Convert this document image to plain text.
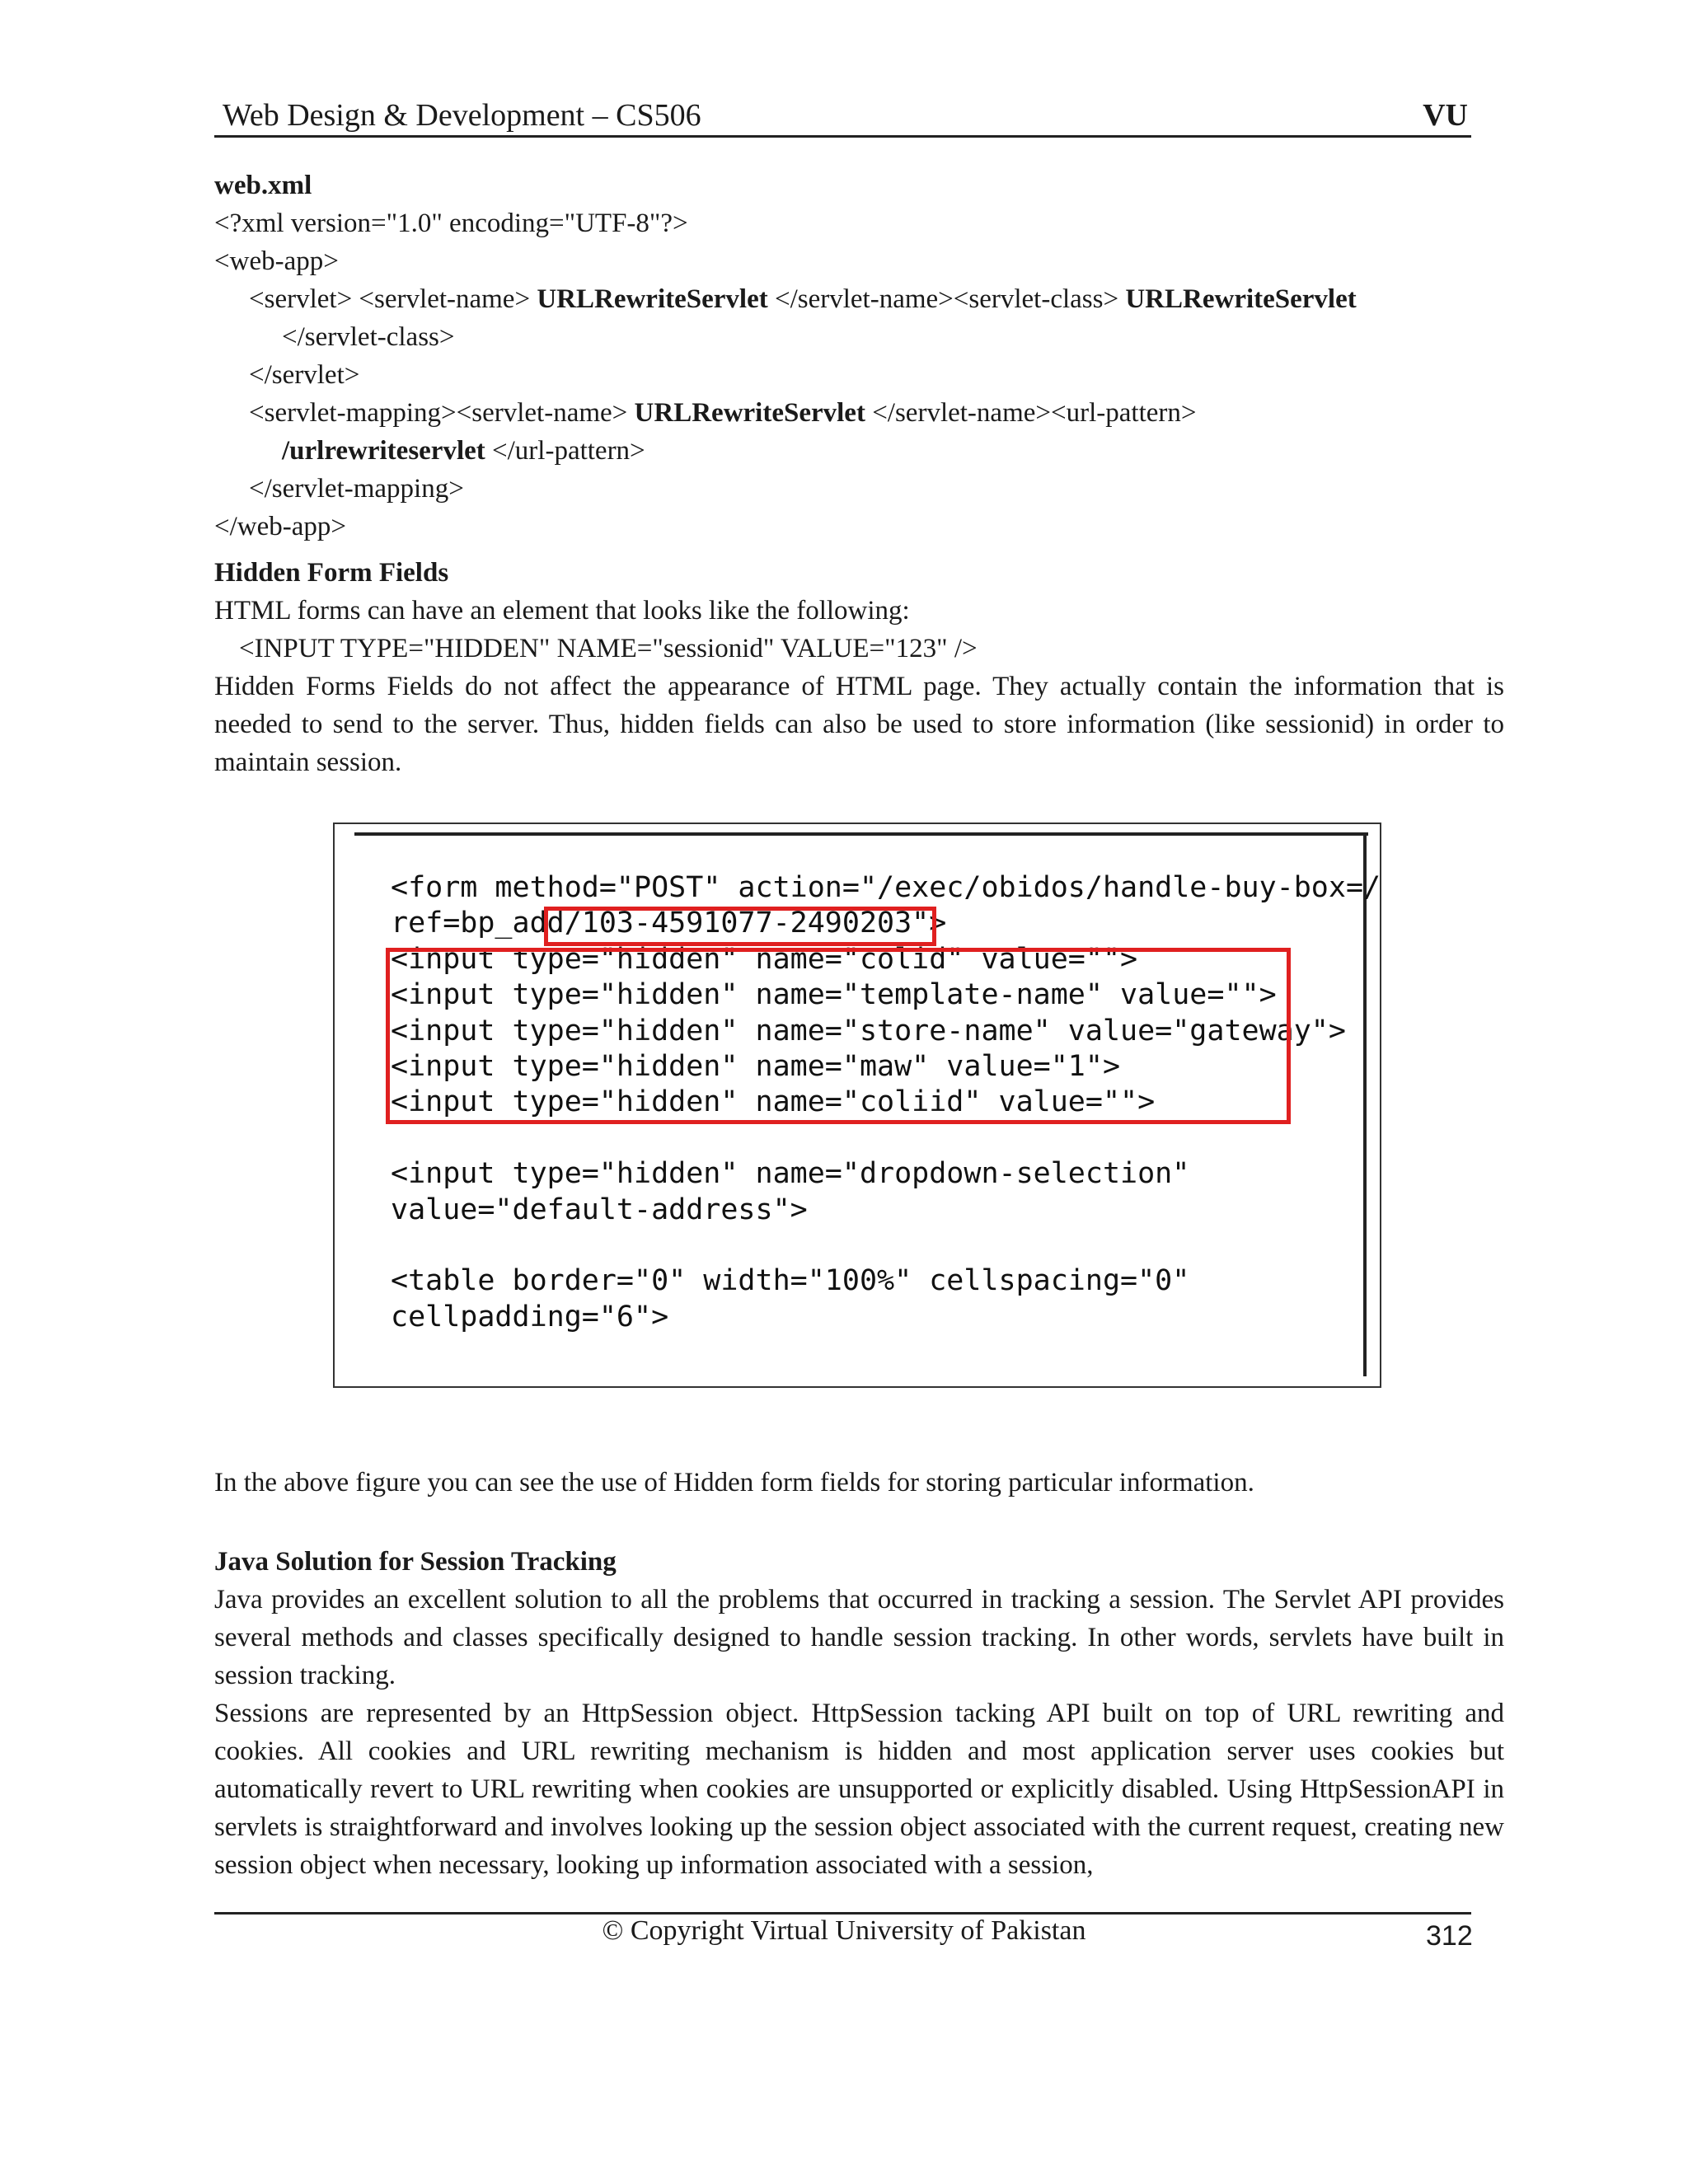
Web Design & Development – CS506	VU
web.xml
<?xml version="1.0" encoding="UTF-8"?>
<web-app>
<servlet> <servlet-name> URLRewriteServlet </servlet-name><servlet-class> URLRewriteServlet
</servlet-class>
</servlet>
<servlet-mapping><servlet-name> URLRewriteServlet </servlet-name><url-pattern>
/urlrewriteservlet </url-pattern>
</servlet-mapping>
</web-app>
Hidden Form Fields
HTML forms can have an element that looks like the following:
<INPUT TYPE="HIDDEN" NAME="sessionid" VALUE="123" />
Hidden Forms Fields do not affect the appearance of HTML page. They actually contain the information that is needed to send to the server. Thus, hidden fields can also be used to store information (like sessionid) in order to maintain session.
<form method="POST" action="/exec/obidos/handle-buy-box=/
ref=bp_add/103-4591077-2490203">
<input type="hidden" name="colid" value="">
<input type="hidden" name="template-name" value="">
<input type="hidden" name="store-name" value="gateway">
<input type="hidden" name="maw" value="1">
<input type="hidden" name="coliid" value="">
<input type="hidden" name="dropdown-selection"
value="default-address">
<table border="0" width="100%" cellspacing="0"
cellpadding="6">
In the above figure you can see the use of Hidden form fields for storing particular information.
Java Solution for Session Tracking
Java provides an excellent solution to all the problems that occurred in tracking a session. The Servlet API provides several methods and classes specifically designed to handle session tracking. In other words, servlets have built in session tracking.
Sessions are represented by an HttpSession object. HttpSession tacking API built on top of URL rewriting and cookies. All cookies and URL rewriting mechanism is hidden and most application server uses cookies but automatically revert to URL rewriting when cookies are unsupported or explicitly disabled. Using HttpSessionAPI in servlets is straightforward and involves looking up the session object associated with the current request, creating new session object when necessary, looking up information associated with a session,
© Copyright Virtual University of Pakistan	312
